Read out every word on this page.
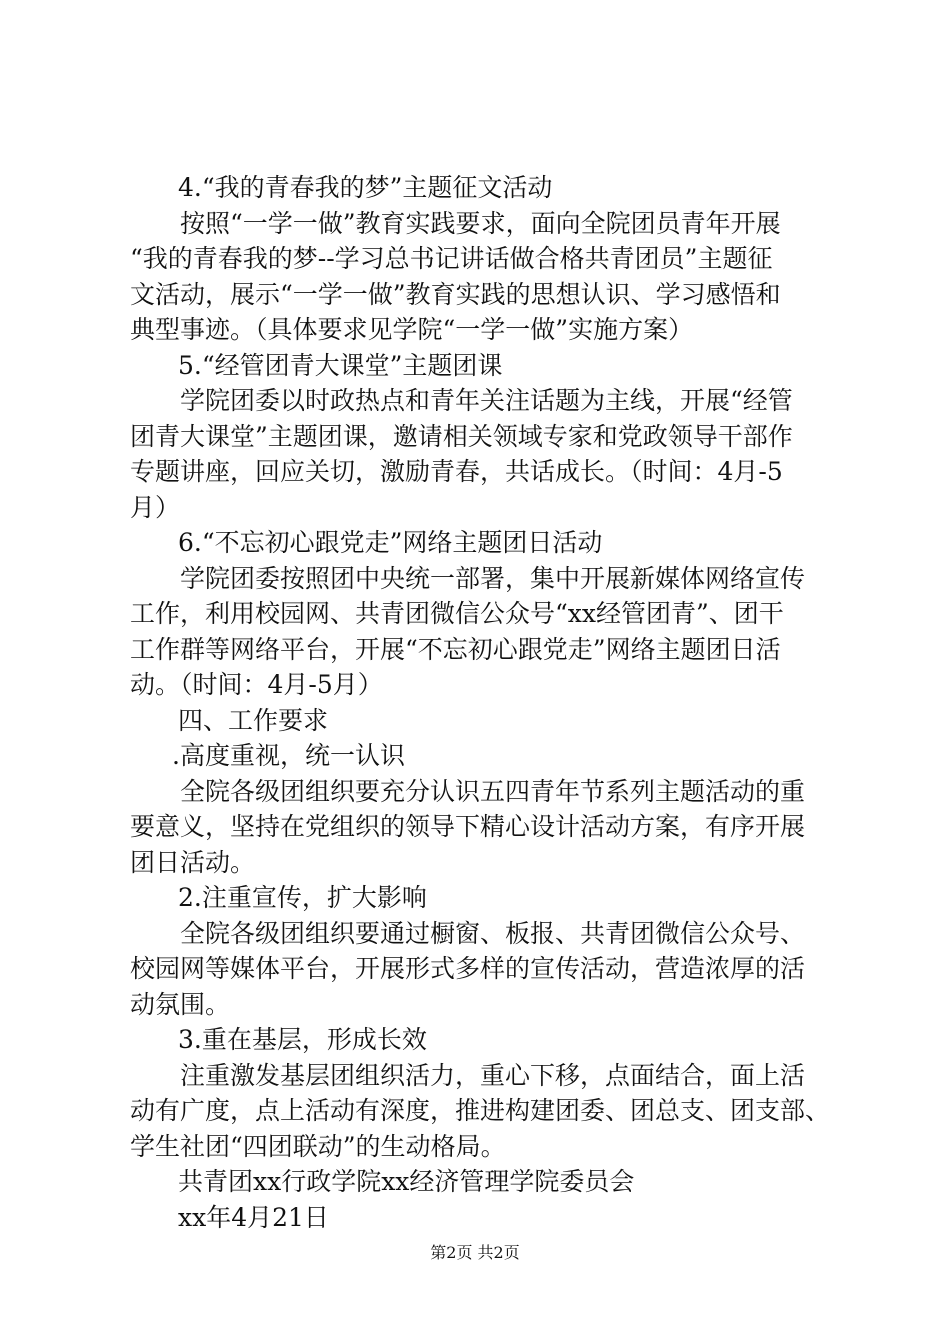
4.“我的青春我的梦”主题征文活动
按照“一学一做”教育实践要求，面向全院团员青年开展
“我的青春我的梦--学习总书记讲话做合格共青团员”主题征
文活动，展示“一学一做”教育实践的思想认识、学习感悟和
典型事迹。（具体要求见学院“一学一做”实施方案）
5.“经管团青大课堂”主题团课
学院团委以时政热点和青年关注话题为主线，开展“经管
团青大课堂”主题团课，邀请相关领域专家和党政领导干部作
专题讲座，回应关切，激励青春，共话成长。（时间：4月-5
月）
6.“不忘初心跟党走”网络主题团日活动
学院团委按照团中央统一部署，集中开展新媒体网络宣传
工作，利用校园网、共青团微信公众号“xx经管团青”、团干
工作群等网络平台，开展“不忘初心跟党走”网络主题团日活
动。（时间：4月-5月）
四、工作要求
.高度重视，统一认识
全院各级团组织要充分认识五四青年节系列主题活动的重
要意义，坚持在党组织的领导下精心设计活动方案，有序开展
团日活动。
2.注重宣传，扩大影响
全院各级团组织要通过橱窗、板报、共青团微信公众号、
校园网等媒体平台，开展形式多样的宣传活动，营造浓厚的活
动氛围。
3.重在基层，形成长效
注重激发基层团组织活力，重心下移，点面结合，面上活
动有广度，点上活动有深度，推进构建团委、团总支、团支部、
学生社团“四团联动”的生动格局。
共青团xx行政学院xx经济管理学院委员会
xx年4月21日
第2页 共2页
